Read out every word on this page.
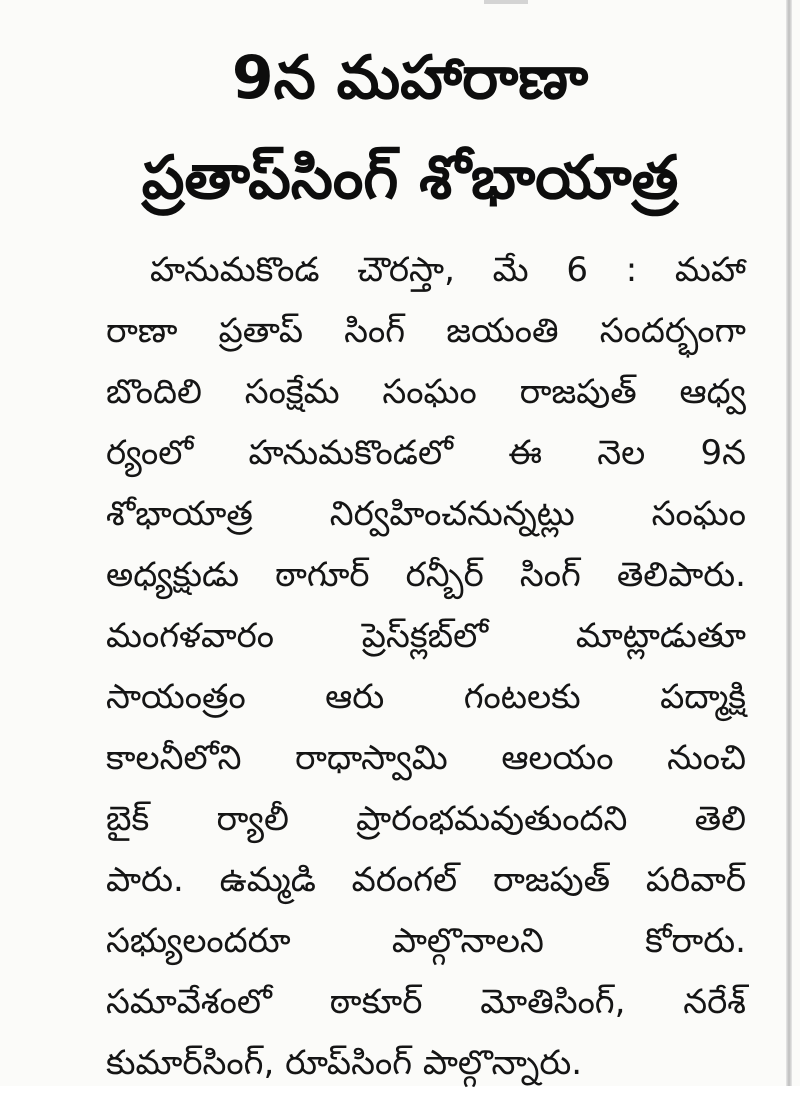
9న మహారాణా
ప్రతాప్‌సింగ్ శోభాయాత్ర
హనుమకొండ చౌరస్తా, మే 6 : మహా
రాణా ప్రతాప్ సింగ్ జయంతి సందర్భంగా
బొందిలి సంక్షేమ సంఘం రాజపుత్ ఆధ్వ
ర్యంలో హనుమకొండలో ఈ నెల 9న
శోభాయాత్ర నిర్వహించనున్నట్లు సంఘం
అధ్యక్షుడు ఠాగూర్ రన్బీర్ సింగ్ తెలిపారు.
మంగళవారం ప్రెస్‌క్లబ్‌లో మాట్లాడుతూ
సాయంత్రం ఆరు గంటలకు పద్మాక్షి
కాలనీలోని రాధాస్వామి ఆలయం నుంచి
బైక్ ర్యాలీ ప్రారంభమవుతుందని తెలి
పారు. ఉమ్మడి వరంగల్ రాజపుత్ పరివార్
సభ్యులందరూ పాల్గొనాలని కోరారు.
సమావేశంలో ఠాకూర్ మోతిసింగ్, నరేశ్
కుమార్‌సింగ్, రూప్‌సింగ్ పాల్గొన్నారు.
